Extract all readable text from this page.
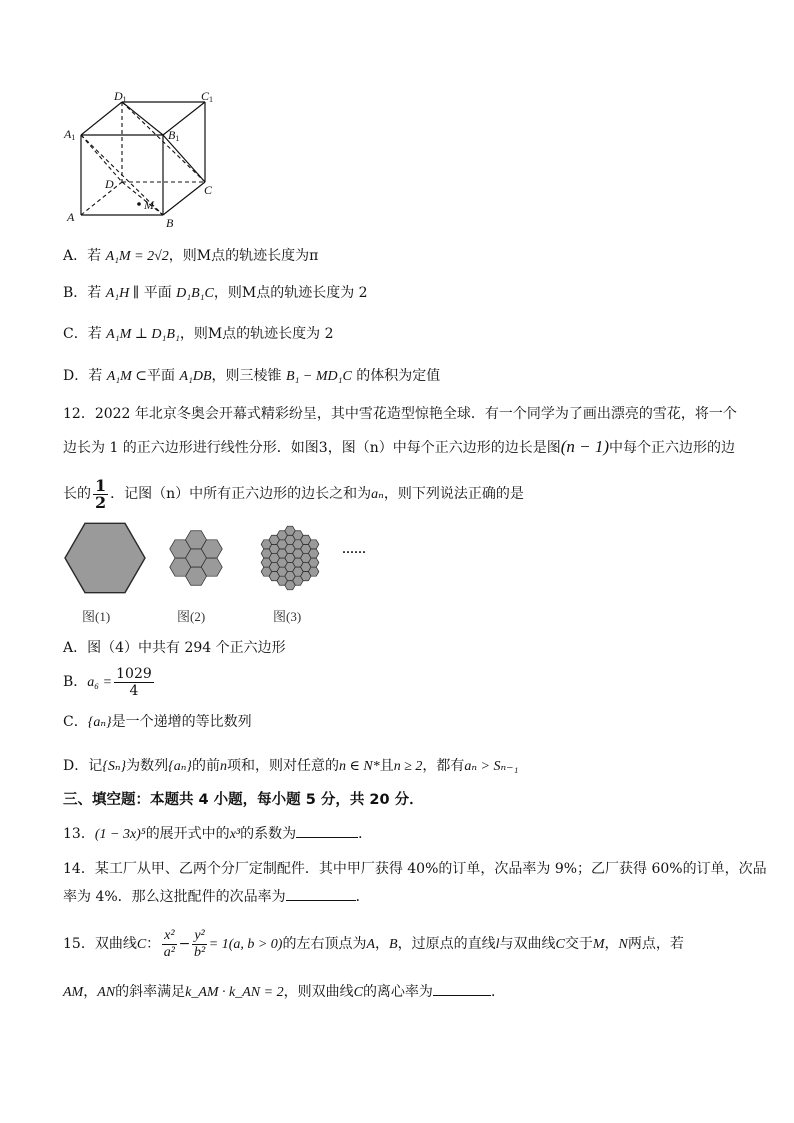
D1	C1
A1	B1
D	C
M
A	B
A．若 A₁M = 2√2，则M点的轨迹长度为π
B．若 A₁H ∥ 平面 D₁B₁C，则M点的轨迹长度为 2
C．若 A₁M ⊥ D₁B₁，则M点的轨迹长度为 2
D．若 A₁M ⊂平面 A₁DB，则三棱锥 B₁ − MD₁C 的体积为定值
12．2022 年北京冬奥会开幕式精彩纷呈，其中雪花造型惊艳全球．有一个同学为了画出漂亮的雪花，将一个
边长为 1 的正六边形进行线性分形．如图3，图（n）中每个正六边形的边长是图(n − 1)中每个正六边形的边
长的 $\frac{1}{2}$ ．记图（n）中所有正六边形的边长之和为aₙ，则下列说法正确的是
······
图(1)	图(2)	图(3)
A．图（4）中共有 294 个正六边形
B．$a_6 = \frac{1029}{4}$
C．{aₙ}是一个递增的等比数列
D．记{Sₙ}为数列{aₙ}的前n项和，则对任意的n ∈ N*且n ≥ 2，都有aₙ > Sₙ₋₁
三、填空题：本题共 4 小题，每小题 5 分，共 20 分．
13．(1 − 3x)⁵的展开式中的x³的系数为	．
14．某工厂从甲、乙两个分厂定制配件．其中甲厂获得 40%的订单，次品率为 9%；乙厂获得 60%的订单，次品
率为 4%．那么这批配件的次品率为	．
15．双曲线C： $\frac{\text{x²}}{\text{a²}} - \frac{\text{y²}}{\text{b²}} = 1(a$, b > 0)的左右顶点为A，B，过原点的直线l与双曲线C交于M，N两点，若
AM，AN的斜率满足k_AM · k_AN = 2，则双曲线C的离心率为	．
